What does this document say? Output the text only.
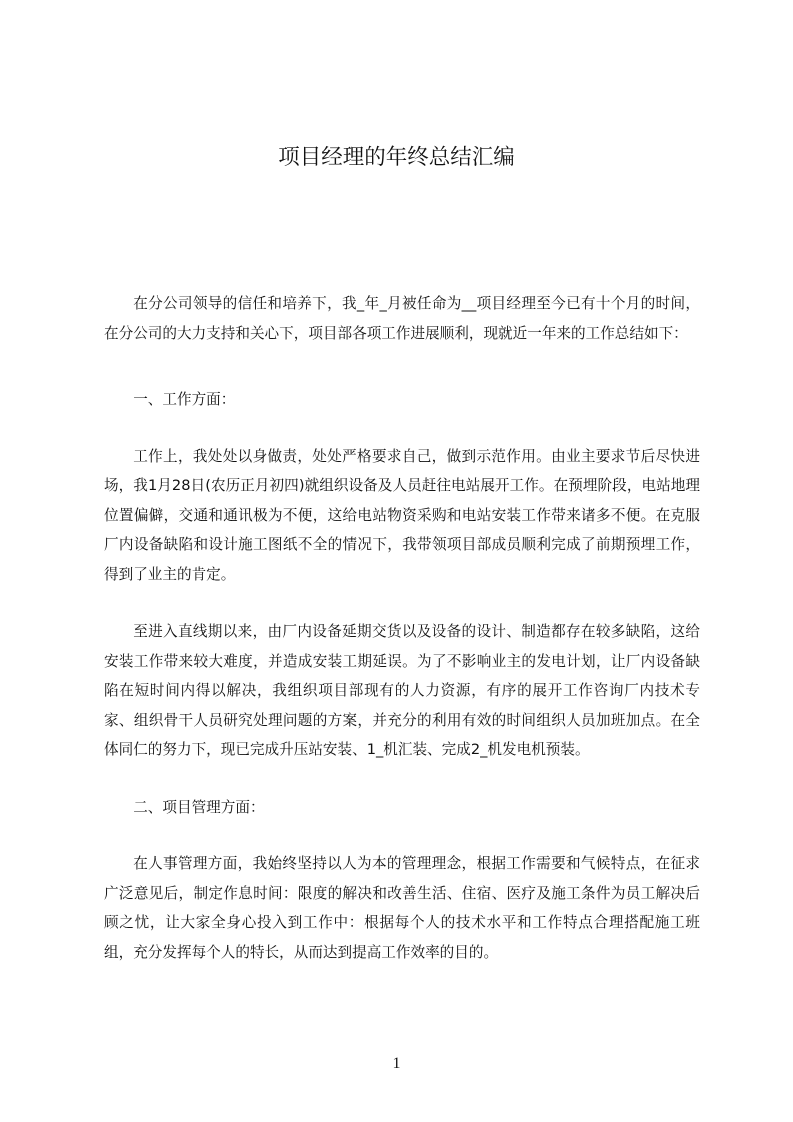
项目经理的年终总结汇编

在分公司领导的信任和培养下，我_年_月被任命为__项目经理至今已有十个月的时间，在分公司的大力支持和关心下，项目部各项工作进展顺利，现就近一年来的工作总结如下：

一、工作方面：

工作上，我处处以身做责，处处严格要求自己，做到示范作用。由业主要求节后尽快进场，我1月28日(农历正月初四)就组织设备及人员赶往电站展开工作。在预埋阶段，电站地理位置偏僻，交通和通讯极为不便，这给电站物资采购和电站安装工作带来诸多不便。在克服厂内设备缺陷和设计施工图纸不全的情况下，我带领项目部成员顺利完成了前期预埋工作，得到了业主的肯定。

至进入直线期以来，由厂内设备延期交货以及设备的设计、制造都存在较多缺陷，这给安装工作带来较大难度，并造成安装工期延误。为了不影响业主的发电计划，让厂内设备缺陷在短时间内得以解决，我组织项目部现有的人力资源，有序的展开工作咨询厂内技术专家、组织骨干人员研究处理问题的方案，并充分的利用有效的时间组织人员加班加点。在全体同仁的努力下，现已完成升压站安装、1_机汇装、完成2_机发电机预装。

二、项目管理方面：

在人事管理方面，我始终坚持以人为本的管理理念，根据工作需要和气候特点，在征求广泛意见后，制定作息时间：限度的解决和改善生活、住宿、医疗及施工条件为员工解决后顾之忧，让大家全身心投入到工作中：根据每个人的技术水平和工作特点合理搭配施工班组，充分发挥每个人的特长，从而达到提高工作效率的目的。

1
